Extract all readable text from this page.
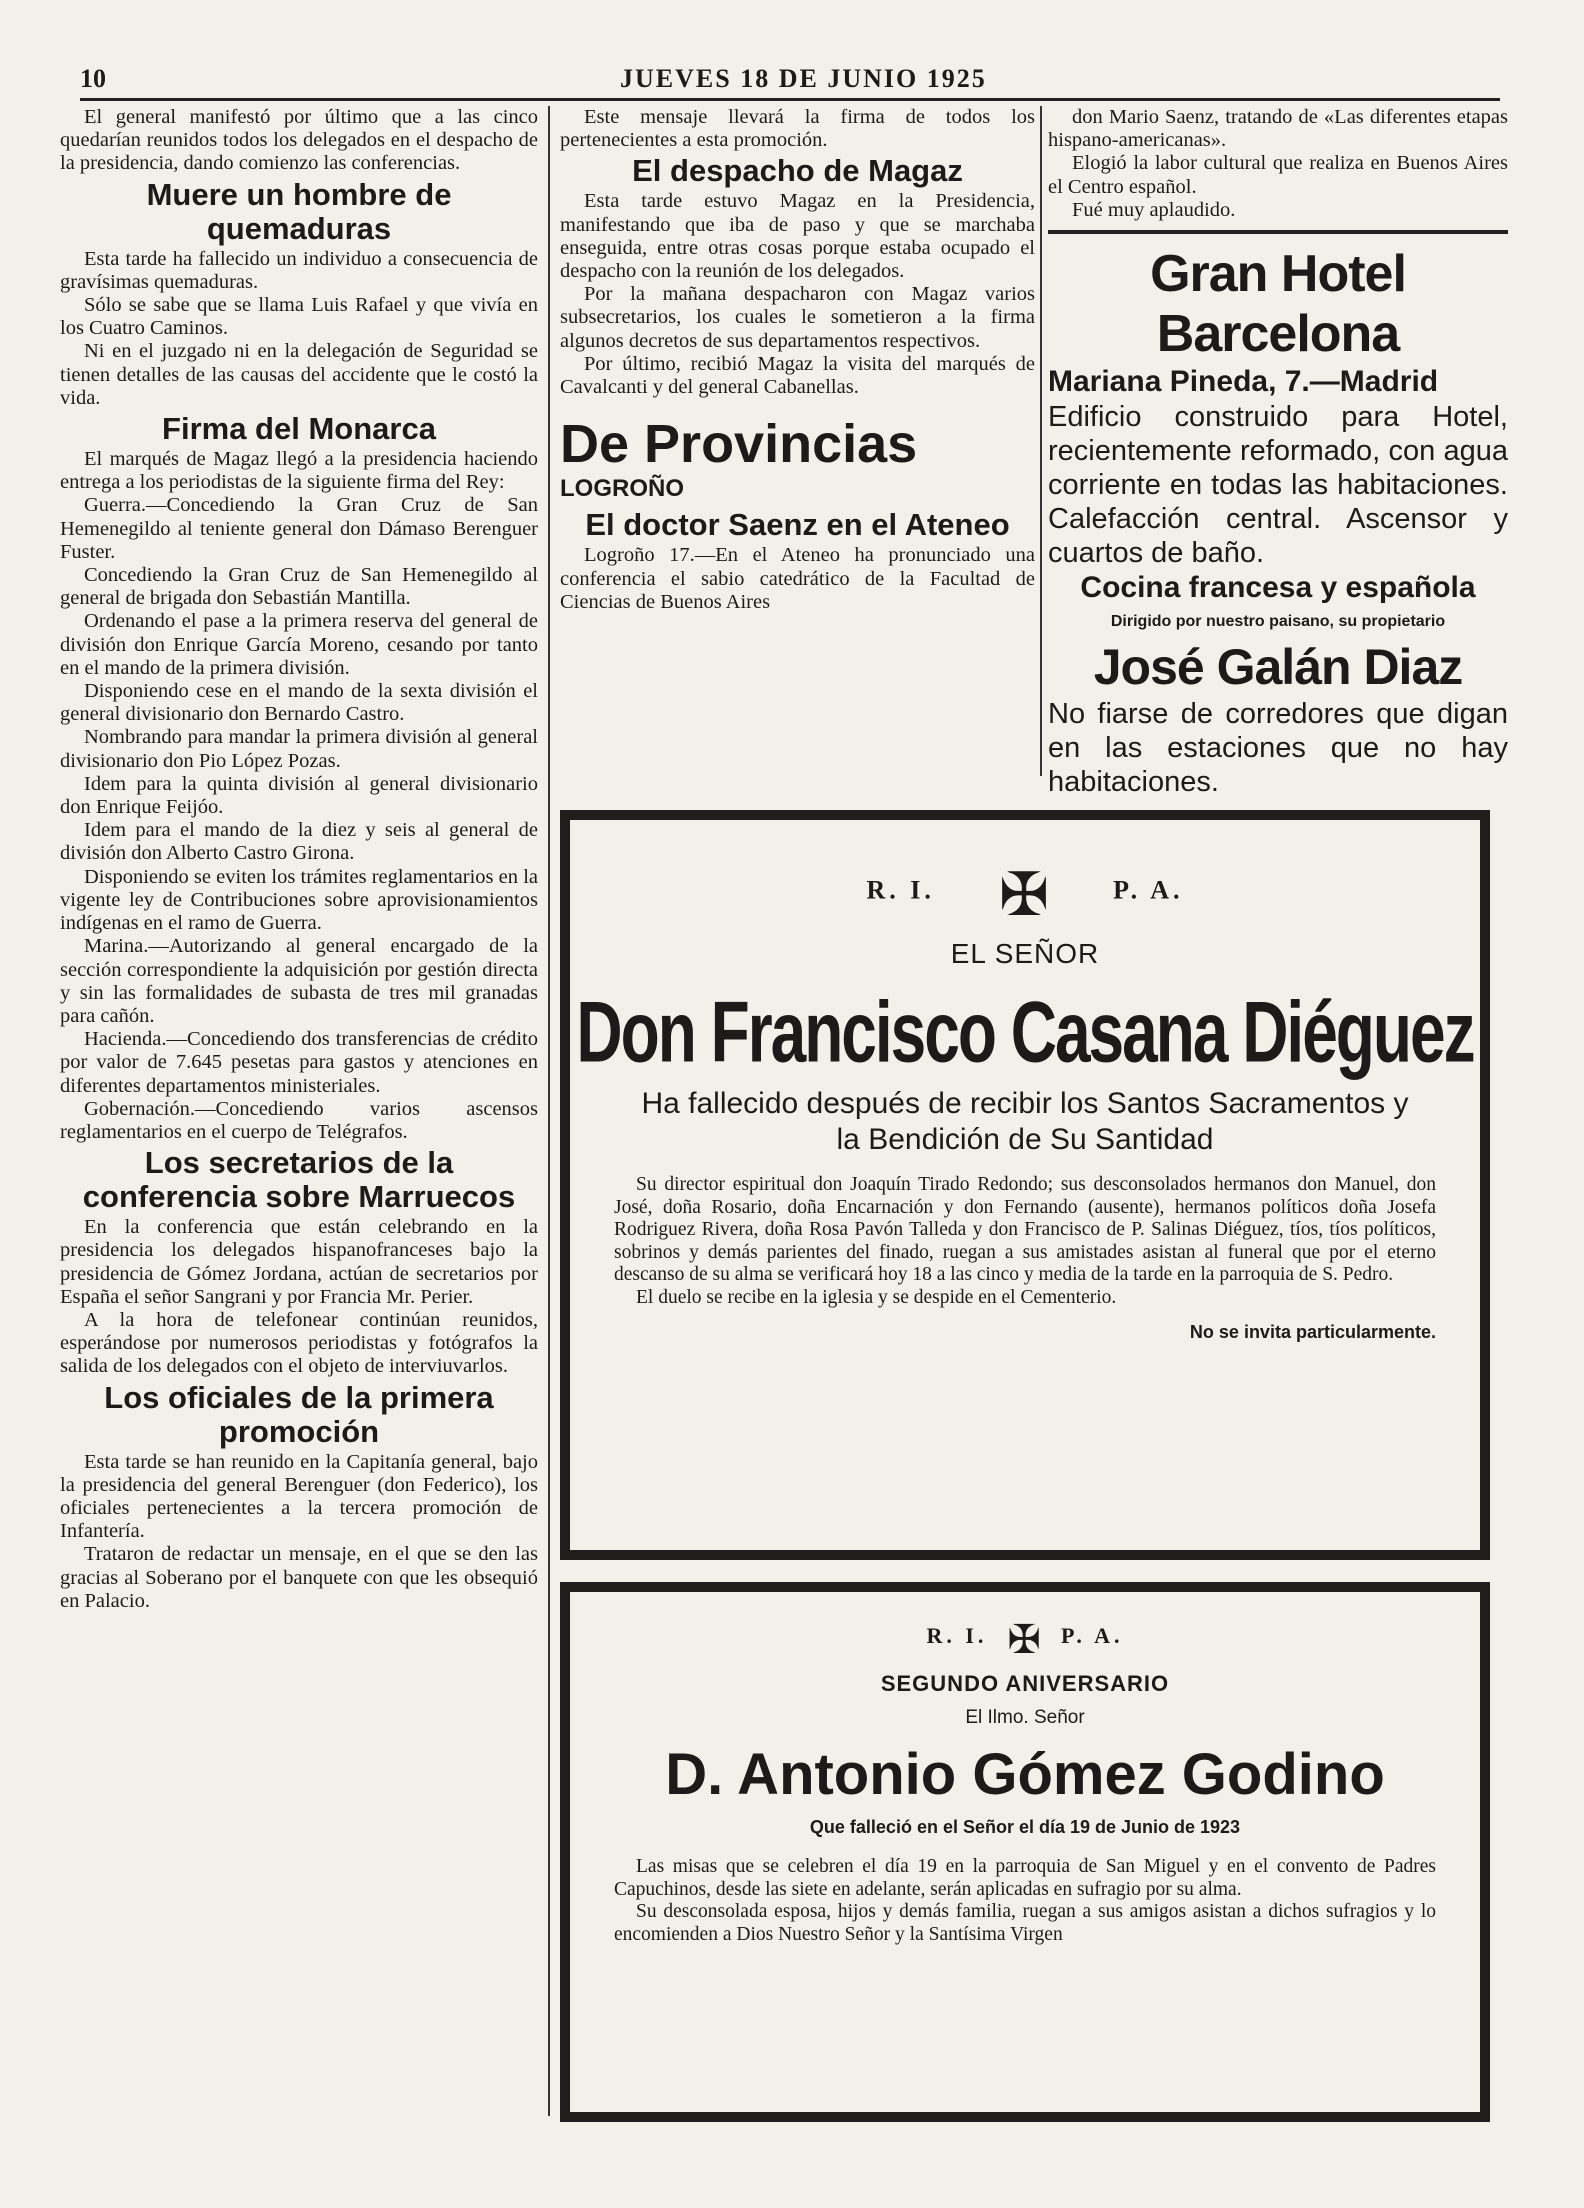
10	JUEVES 18 DE JUNIO 1925

El general manifestó por último que a las cinco quedarían reunidos todos los delegados en el despacho de la presidencia, dando comienzo las conferencias.

Muere un hombre de quemaduras

Esta tarde ha fallecido un individuo a consecuencia de gravísimas quemaduras.

Sólo se sabe que se llama Luis Rafael y que vivía en los Cuatro Caminos.

Ni en el juzgado ni en la delegación de Seguridad se tienen detalles de las causas del accidente que le costó la vida.

Firma del Monarca

El marqués de Magaz llegó a la presidencia haciendo entrega a los periodistas de la siguiente firma del Rey:

Guerra.—Concediendo la Gran Cruz de San Hemenegildo al teniente general don Dámaso Berenguer Fuster.

Concediendo la Gran Cruz de San Hemenegildo al general de brigada don Sebastián Mantilla.

Ordenando el pase a la primera reserva del general de división don Enrique García Moreno, cesando por tanto en el mando de la primera división.

Disponiendo cese en el mando de la sexta división el general divisionario don Bernardo Castro.

Nombrando para mandar la primera división al general divisionario don Pio López Pozas.

Idem para la quinta división al general divisionario don Enrique Feijóo.

Idem para el mando de la diez y seis al general de división don Alberto Castro Girona.

Disponiendo se eviten los trámites reglamentarios en la vigente ley de Contribuciones sobre aprovisionamientos indígenas en el ramo de Guerra.

Marina.—Autorizando al general encargado de la sección correspondiente la adquisición por gestión directa y sin las formalidades de subasta de tres mil granadas para cañón.

Hacienda.—Concediendo dos transferencias de crédito por valor de 7.645 pesetas para gastos y atenciones en diferentes departamentos ministeriales.

Gobernación.—Concediendo varios ascensos reglamentarios en el cuerpo de Telégrafos.

Los secretarios de la conferencia sobre Marruecos

En la conferencia que están celebrando en la presidencia los delegados hispanofranceses bajo la presidencia de Gómez Jordana, actúan de secretarios por España el señor Sangrani y por Francia Mr. Perier.

A la hora de telefonear continúan reunidos, esperándose por numerosos periodistas y fotógrafos la salida de los delegados con el objeto de interviuvarlos.

Los oficiales de la primera promoción

Esta tarde se han reunido en la Capitanía general, bajo la presidencia del general Berenguer (don Federico), los oficiales pertenecientes a la tercera promoción de Infantería.

Trataron de redactar un mensaje, en el que se den las gracias al Soberano por el banquete con que les obsequió en Palacio.

Este mensaje llevará la firma de todos los pertenecientes a esta promoción.

El despacho de Magaz

Esta tarde estuvo Magaz en la Presidencia, manifestando que iba de paso y que se marchaba enseguida, entre otras cosas porque estaba ocupado el despacho con la reunión de los delegados.

Por la mañana despacharon con Magaz varios subsecretarios, los cuales le sometieron a la firma algunos decretos de sus departamentos respectivos.

Por último, recibió Magaz la visita del marqués de Cavalcanti y del general Cabanellas.

De Provincias
LOGROÑO
El doctor Saenz en el Ateneo

Logroño 17.—En el Ateneo ha pronunciado una conferencia el sabio catedrático de la Facultad de Ciencias de Buenos Aires

don Mario Saenz, tratando de «Las diferentes etapas hispano-americanas».

Elogió la labor cultural que realiza en Buenos Aires el Centro español.

Fué muy aplaudido.

Gran Hotel Barcelona
Mariana Pineda, 7.—Madrid
Edificio construido para Hotel, recientemente reformado, con agua corriente en todas las habitaciones. Calefacción central. Ascensor y cuartos de baño.
Cocina francesa y española
Dirigido por nuestro paisano, su propietario
José Galán Diaz
No fiarse de corredores que digan en las estaciones que no hay habitaciones.
R. I. ✠ P. A.
EL SEÑOR
Don Francisco Casana Diéguez
Ha fallecido después de recibir los Santos Sacramentos y la Bendición de Su Santidad

Su director espiritual don Joaquín Tirado Redondo; sus desconsolados hermanos don Manuel, don José, doña Rosario, doña Encarnación y don Fernando (ausente), hermanos políticos doña Josefa Rodriguez Rivera, doña Rosa Pavón Talleda y don Francisco de P. Salinas Diéguez, tíos, tíos políticos, sobrinos y demás parientes del finado, ruegan a sus amistades asistan al funeral que por el eterno descanso de su alma se verificará hoy 18 a las cinco y media de la tarde en la parroquia de S. Pedro.

El duelo se recibe en la iglesia y se despide en el Cementerio.

No se invita particularmente.
R. I. ✠ P. A.
SEGUNDO ANIVERSARIO
El Ilmo. Señor
D. Antonio Gómez Godino
Que falleció en el Señor el día 19 de Junio de 1923

Las misas que se celebren el día 19 en la parroquia de San Miguel y en el convento de Padres Capuchinos, desde las siete en adelante, serán aplicadas en sufragio por su alma.

Su desconsolada esposa, hijos y demás familia, ruegan a sus amigos asistan a dichos sufragios y lo encomienden a Dios Nuestro Señor y la Santísima Virgen
